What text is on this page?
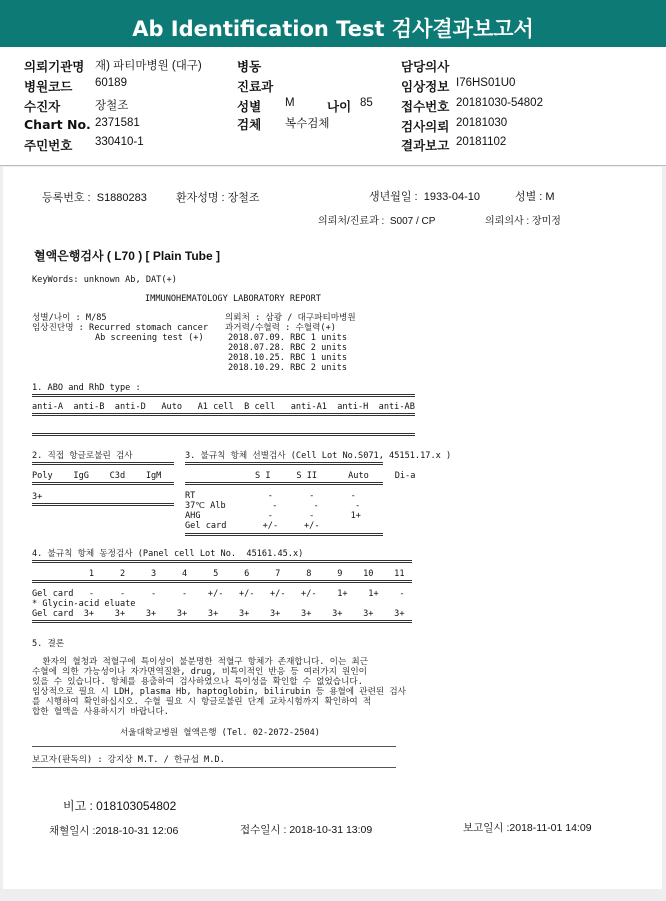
Ab Identification Test 검사결과보고서
의뢰기관명 재) 파티마병원 (대구)	병동	담당의사
병원코드 60189	진료과	임상정보 I76HS01U0
수진자	장철조	성별 M	나이 85 접수번호 20181030-54802
Chart No. 2371581	검체 복수검체	검사의뢰 20181030
주민번호 330410-1	결과보고 20181102
등록번호 :  S1880283	환자성명 : 장철조	생년월일 :  1933-04-10	성별 : M
의뢰처/진료과 :  S007 / CP	의뢰의사 : 장미정
혈액은행검사 ( L70 ) [ Plain Tube ]
KeyWords: unknown Ab, DAT(+)
IMMUNOHEMATOLOGY LABORATORY REPORT
성별/나이 : M/85
임상진단명 : Recurred stomach cancer
Ab screening test (+)
의뢰처 : 삼광 / 대구파티마병원
과거력/수혈력 : 수혈력(+)
2018.07.09. RBC 1 units
2018.07.28. RBC 2 units
2018.10.25. RBC 1 units
2018.10.29. RBC 2 units
1. ABO and RhD type :
anti-A  anti-B  anti-D   Auto   A1 cell  B cell   anti-A1  anti-H  anti-AB
2. 직접 항글로불린 검사
Poly    IgG    C3d    IgM
3+
3. 불규칙 항체 선별검사 (Cell Lot No.S071, 45151.17.x )
S I     S II      Auto     Di-a
RT              -       -       -
37℃ Alb         -       -       -
AHG             -       -       1+
Gel card       +/-     +/-
4. 불규칙 항체 동정검사 (Panel cell Lot No.  45161.45.x)
1     2     3     4     5     6     7     8     9    10    11
Gel card   -     -     -     -    +/-   +/-   +/-   +/-    1+    1+    -
* Glycin-acid eluate
Gel card  3+    3+    3+    3+    3+    3+    3+    3+    3+    3+    3+
5. 결론
환자의 혈청과 적혈구에 특이성이 불분명한 적혈구 항체가 존재합니다. 이는 최근
수혈에 의한 가능성이나 자가면역질환, drug, 비특이적인 반응 등 여러가지 원인이
있을 수 있습니다. 항체를 용출하여 검사하였으나 특이성을 확인할 수 없었습니다.
임상적으로 필요 시 LDH, plasma Hb, haptoglobin, bilirubin 등 용혈에 관련된 검사
를 시행하여 확인하십시오. 수혈 필요 시 항글로불린 단계 교차시험까지 확인하여 적
합한 혈액을 사용하시기 바랍니다.
서울대학교병원 혈액은행 (Tel. 02-2072-2504)
보고자(판독의) : 강지상 M.T. / 한규섭 M.D.
비고 : 018103054802
채혈일시 :2018-10-31 12:06	접수일시 : 2018-10-31 13:09	보고일시 :2018-11-01 14:09
